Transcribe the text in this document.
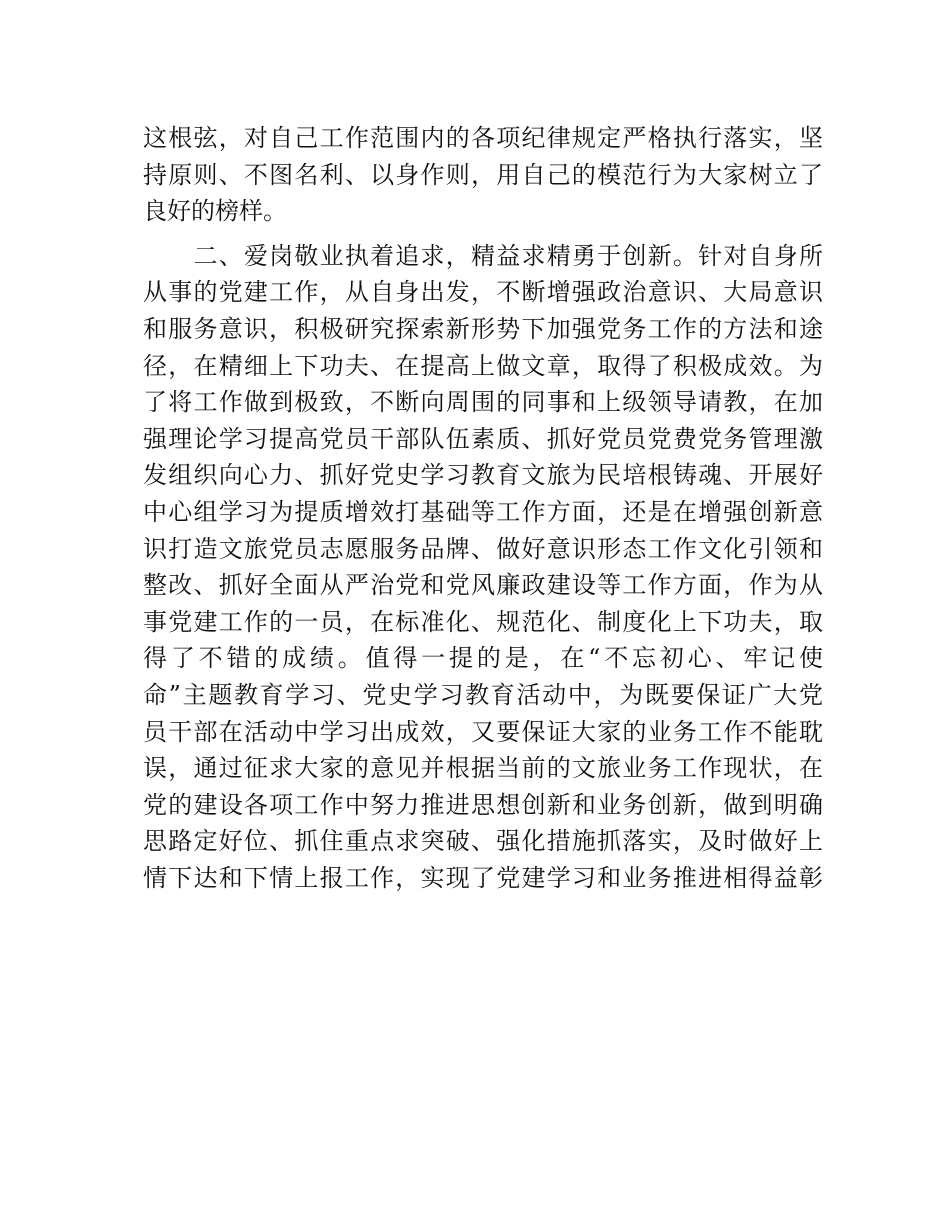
这根弦，对自己工作范围内的各项纪律规定严格执行落实，坚
持原则、不图名利、以身作则，用自己的模范行为大家树立了
良好的榜样。
　　二、爱岗敬业执着追求，精益求精勇于创新。针对自身所
从事的党建工作，从自身出发，不断增强政治意识、大局意识
和服务意识，积极研究探索新形势下加强党务工作的方法和途
径，在精细上下功夫、在提高上做文章，取得了积极成效。为
了将工作做到极致，不断向周围的同事和上级领导请教，在加
强理论学习提高党员干部队伍素质、抓好党员党费党务管理激
发组织向心力、抓好党史学习教育文旅为民培根铸魂、开展好
中心组学习为提质增效打基础等工作方面，还是在增强创新意
识打造文旅党员志愿服务品牌、做好意识形态工作文化引领和
整改、抓好全面从严治党和党风廉政建设等工作方面，作为从
事党建工作的一员，在标准化、规范化、制度化上下功夫，取
得了不错的成绩。值得一提的是，在“不忘初心、牢记使
命”主题教育学习、党史学习教育活动中，为既要保证广大党
员干部在活动中学习出成效，又要保证大家的业务工作不能耽
误，通过征求大家的意见并根据当前的文旅业务工作现状，在
党的建设各项工作中努力推进思想创新和业务创新，做到明确
思路定好位、抓住重点求突破、强化措施抓落实，及时做好上
情下达和下情上报工作，实现了党建学习和业务推进相得益彰
